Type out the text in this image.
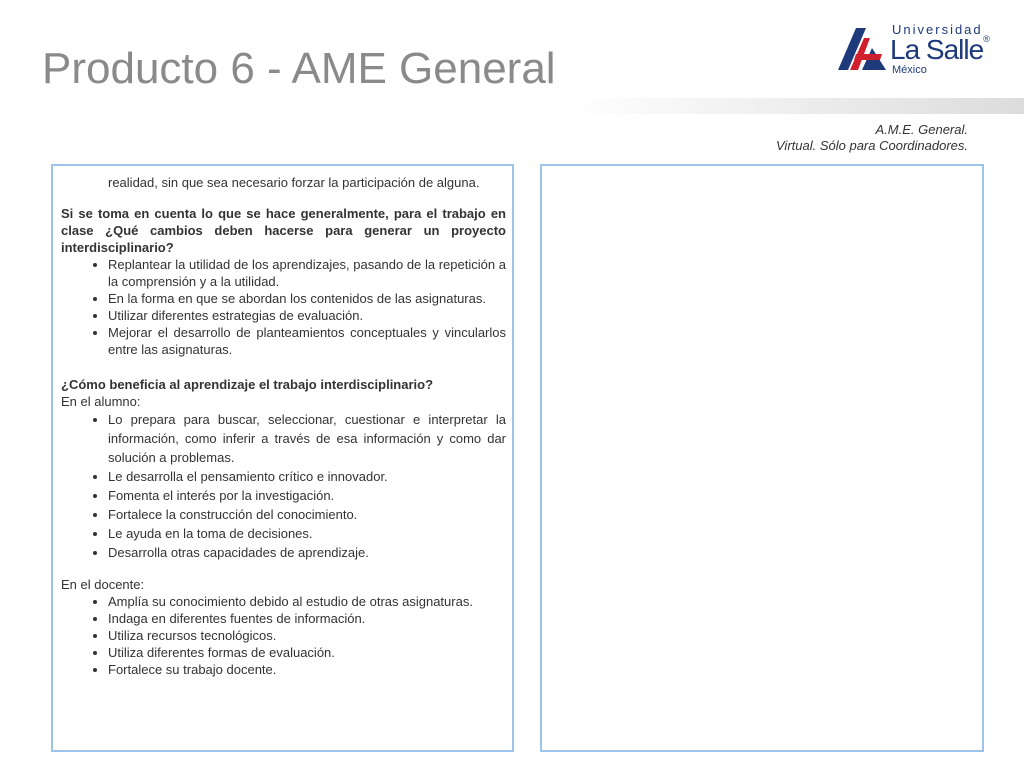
Producto 6 - AME General
Universidad
La Salle®
México
A.M.E. General.
Virtual. Sólo para Coordinadores.

realidad, sin que sea necesario forzar la participación de alguna.

Si se toma en cuenta lo que se hace generalmente, para el trabajo en clase ¿Qué cambios deben hacerse para generar un proyecto interdisciplinario?

• Replantear la utilidad de los aprendizajes, pasando de la repetición a la comprensión y a la utilidad.
• En la forma en que se abordan los contenidos de las asignaturas.
• Utilizar diferentes estrategias de evaluación.
• Mejorar el desarrollo de planteamientos conceptuales y vincularlos entre las asignaturas.

¿Cómo beneficia al aprendizaje el trabajo interdisciplinario?

En el alumno:

• Lo prepara para buscar, seleccionar, cuestionar e interpretar la información, como inferir a través de esa información y como dar solución a problemas.
• Le desarrolla el pensamiento crítico e innovador.
• Fomenta el interés por la investigación.
• Fortalece la construcción del conocimiento.
• Le ayuda en la toma de decisiones.
• Desarrolla otras capacidades de aprendizaje.

En el docente:

• Amplía su conocimiento debido al estudio de otras asignaturas.
• Indaga en diferentes fuentes de información.
• Utiliza recursos tecnológicos.
• Utiliza diferentes formas de evaluación.
• Fortalece su trabajo docente.
